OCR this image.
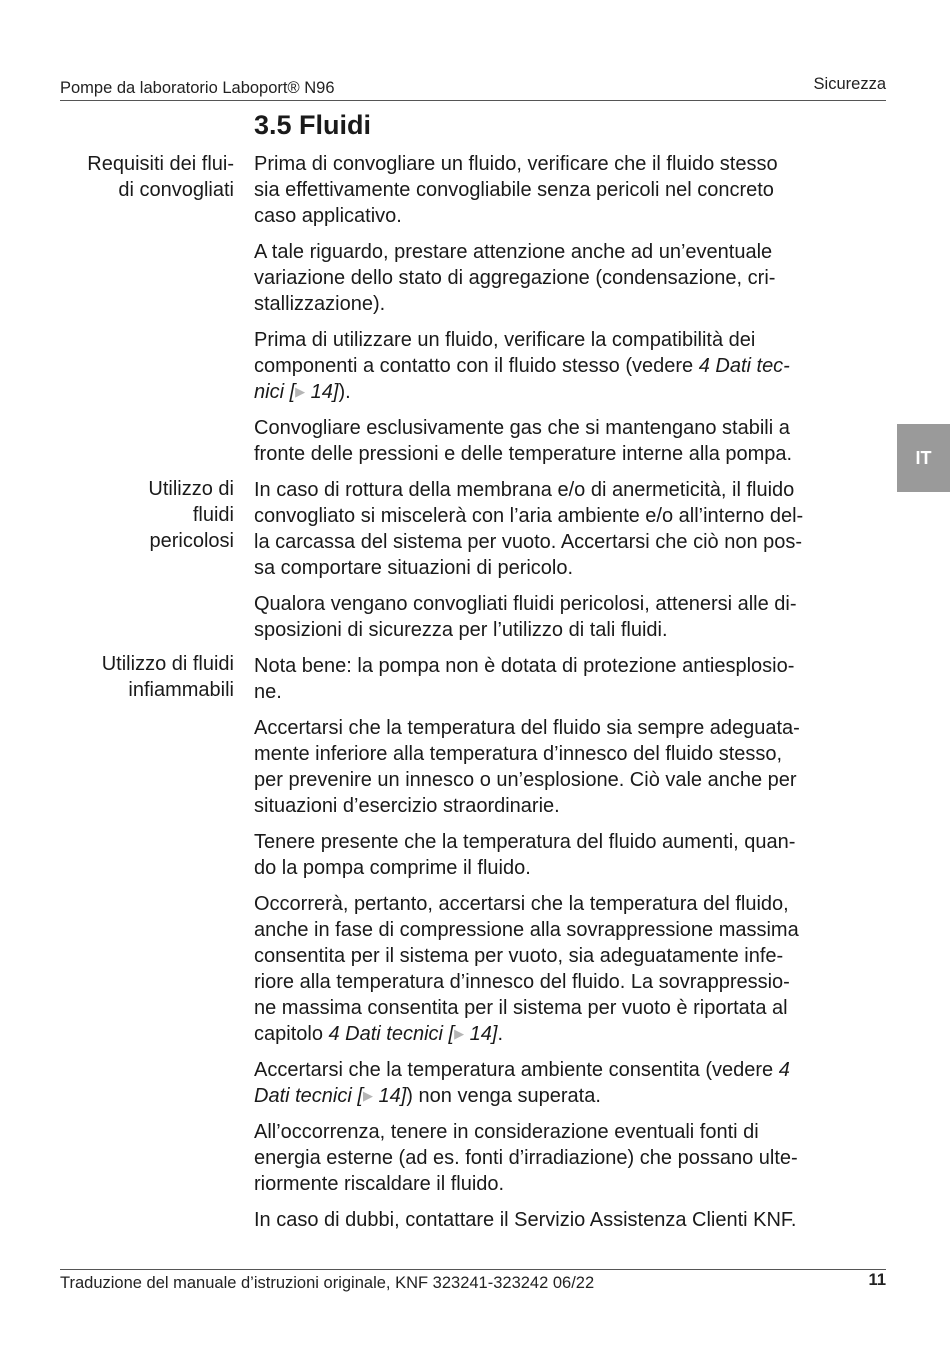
Pompe da laboratorio Laboport® N96	Sicurezza
IT
3.5 Fluidi
Requisiti dei flui-
di convogliati
Utilizzo di
fluidi
pericolosi
Utilizzo di fluidi
infiammabili

Prima di convogliare un fluido, verificare che il fluido stesso
sia effettivamente convogliabile senza pericoli nel concreto
caso applicativo.

A tale riguardo, prestare attenzione anche ad un’eventuale
variazione dello stato di aggregazione (condensazione, cri-
stallizzazione).

Prima di utilizzare un fluido, verificare la compatibilità dei
componenti a contatto con il fluido stesso (vedere 4 Dati tec-
nici [▶ 14]).

Convogliare esclusivamente gas che si mantengano stabili a
fronte delle pressioni e delle temperature interne alla pompa.

In caso di rottura della membrana e/o di anermeticità, il fluido
convogliato si miscelerà con l’aria ambiente e/o all’interno del-
la carcassa del sistema per vuoto. Accertarsi che ciò non pos-
sa comportare situazioni di pericolo.

Qualora vengano convogliati fluidi pericolosi, attenersi alle di-
sposizioni di sicurezza per l’utilizzo di tali fluidi.

Nota bene: la pompa non è dotata di protezione antiesplosio-
ne.

Accertarsi che la temperatura del fluido sia sempre adeguata-
mente inferiore alla temperatura d’innesco del fluido stesso,
per prevenire un innesco o un’esplosione. Ciò vale anche per
situazioni d’esercizio straordinarie.

Tenere presente che la temperatura del fluido aumenti, quan-
do la pompa comprime il fluido.

Occorrerà, pertanto, accertarsi che la temperatura del fluido,
anche in fase di compressione alla sovrappressione massima
consentita per il sistema per vuoto, sia adeguatamente infe-
riore alla temperatura d’innesco del fluido. La sovrappressio-
ne massima consentita per il sistema per vuoto è riportata al
capitolo 4 Dati tecnici [▶ 14].

Accertarsi che la temperatura ambiente consentita (vedere 4
Dati tecnici [▶ 14]) non venga superata.

All’occorrenza, tenere in considerazione eventuali fonti di
energia esterne (ad es. fonti d’irradiazione) che possano ulte-
riormente riscaldare il fluido.

In caso di dubbi, contattare il Servizio Assistenza Clienti KNF.

Traduzione del manuale d’istruzioni originale, KNF 323241-323242 06/22	11
